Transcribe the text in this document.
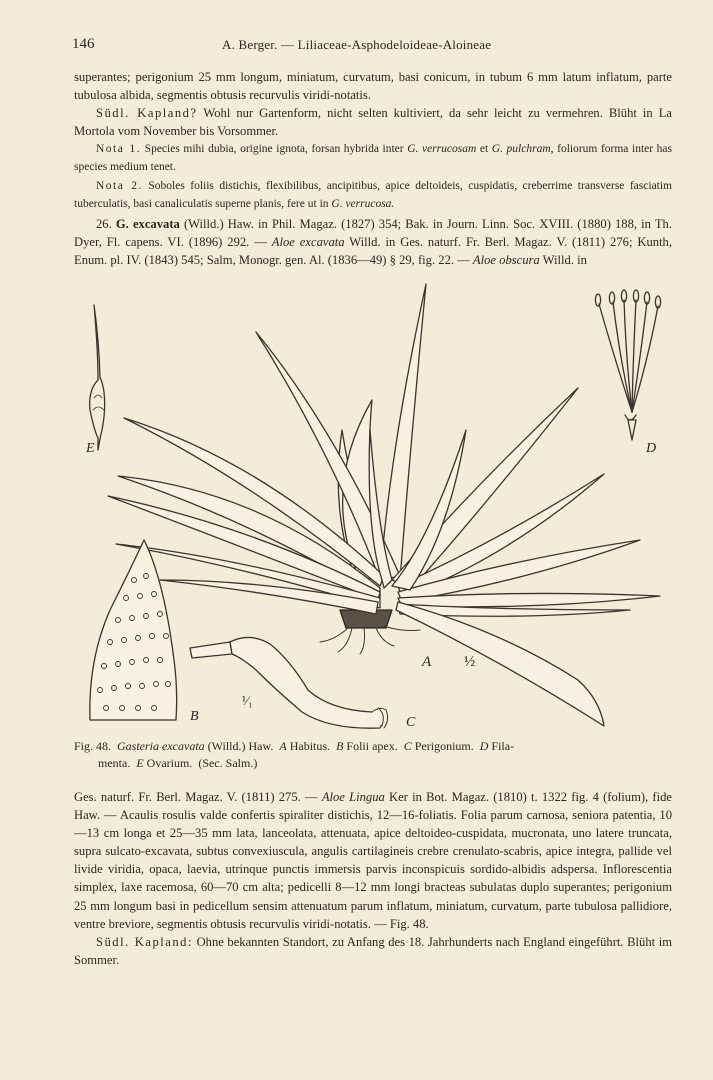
146	A. Berger. — Liliaceae-Asphodeloideae-Aloineae

superantes; perigonium 25 mm longum, miniatum, curvatum, basi conicum, in tubum 6 mm latum inflatum, parte tubulosa albida, segmentis obtusis recurvulis viridi-notatis.

Südl. Kapland? Wohl nur Gartenform, nicht selten kultiviert, da sehr leicht zu vermehren. Blüht in La Mortola vom November bis Vorsommer.

Nota 1. Species mihi dubia, origine ignota, forsan hybrida inter G. verrucosam et G. pulchram, foliorum forma inter has species medium tenet.

Nota 2. Soboles foliis distichis, flexibilibus, ancipitibus, apice deltoideis, cuspidatis, creberrime transverse fasciatim tuberculatis, basi canaliculatis superne planis, fere ut in G. verrucosa.

26. G. excavata (Willd.) Haw. in Phil. Magaz. (1827) 354; Bak. in Journ. Linn. Soc. XVIII. (1880) 188, in Th. Dyer, Fl. capens. VI. (1896) 292. — Aloe excavata Willd. in Ges. naturf. Fr. Berl. Magaz. V. (1811) 276; Kunth, Enum. pl. IV. (1843) 545; Salm, Monogr. gen. Al. (1836—49) § 29, fig. 22. — Aloe obscura Willd. in

E	D
A ½
B
¹⁄₁
C

Fig. 48. Gasteria excavata (Willd.) Haw. A Habitus. B Folii apex. C Perigonium. D Fila-

menta. E Ovarium. (Sec. Salm.)

Ges. naturf. Fr. Berl. Magaz. V. (1811) 275. — Aloe Lingua Ker in Bot. Magaz. (1810) t. 1322 fig. 4 (folium), fide Haw. — Acaulis rosulis valde confertis spiraliter distichis, 12—16-foliatis. Folia parum carnosa, seniora patentia, 10—13 cm longa et 25—35 mm lata, lanceolata, attenuata, apice deltoideo-cuspidata, mucronata, uno latere truncata, supra sulcato-excavata, subtus convexiuscula, angulis cartilagineis crebre crenulato-scabris, apice integra, pallide vel livide viridia, opaca, laevia, utrinque punctis immersis parvis inconspicuis sordido-albidis adspersa. Inflorescentia simplex, laxe racemosa, 60—70 cm alta; pedicelli 8—12 mm longi bracteas subulatas duplo superantes; perigonium 25 mm longum basi in pedicellum sensim attenuatum parum inflatum, miniatum, curvatum, parte tubulosa pallidiore, ventre breviore, segmentis obtusis recurvulis viridi-notatis. — Fig. 48.

Südl. Kapland: Ohne bekannten Standort, zu Anfang des 18. Jahrhunderts nach England eingeführt. Blüht im Sommer.
